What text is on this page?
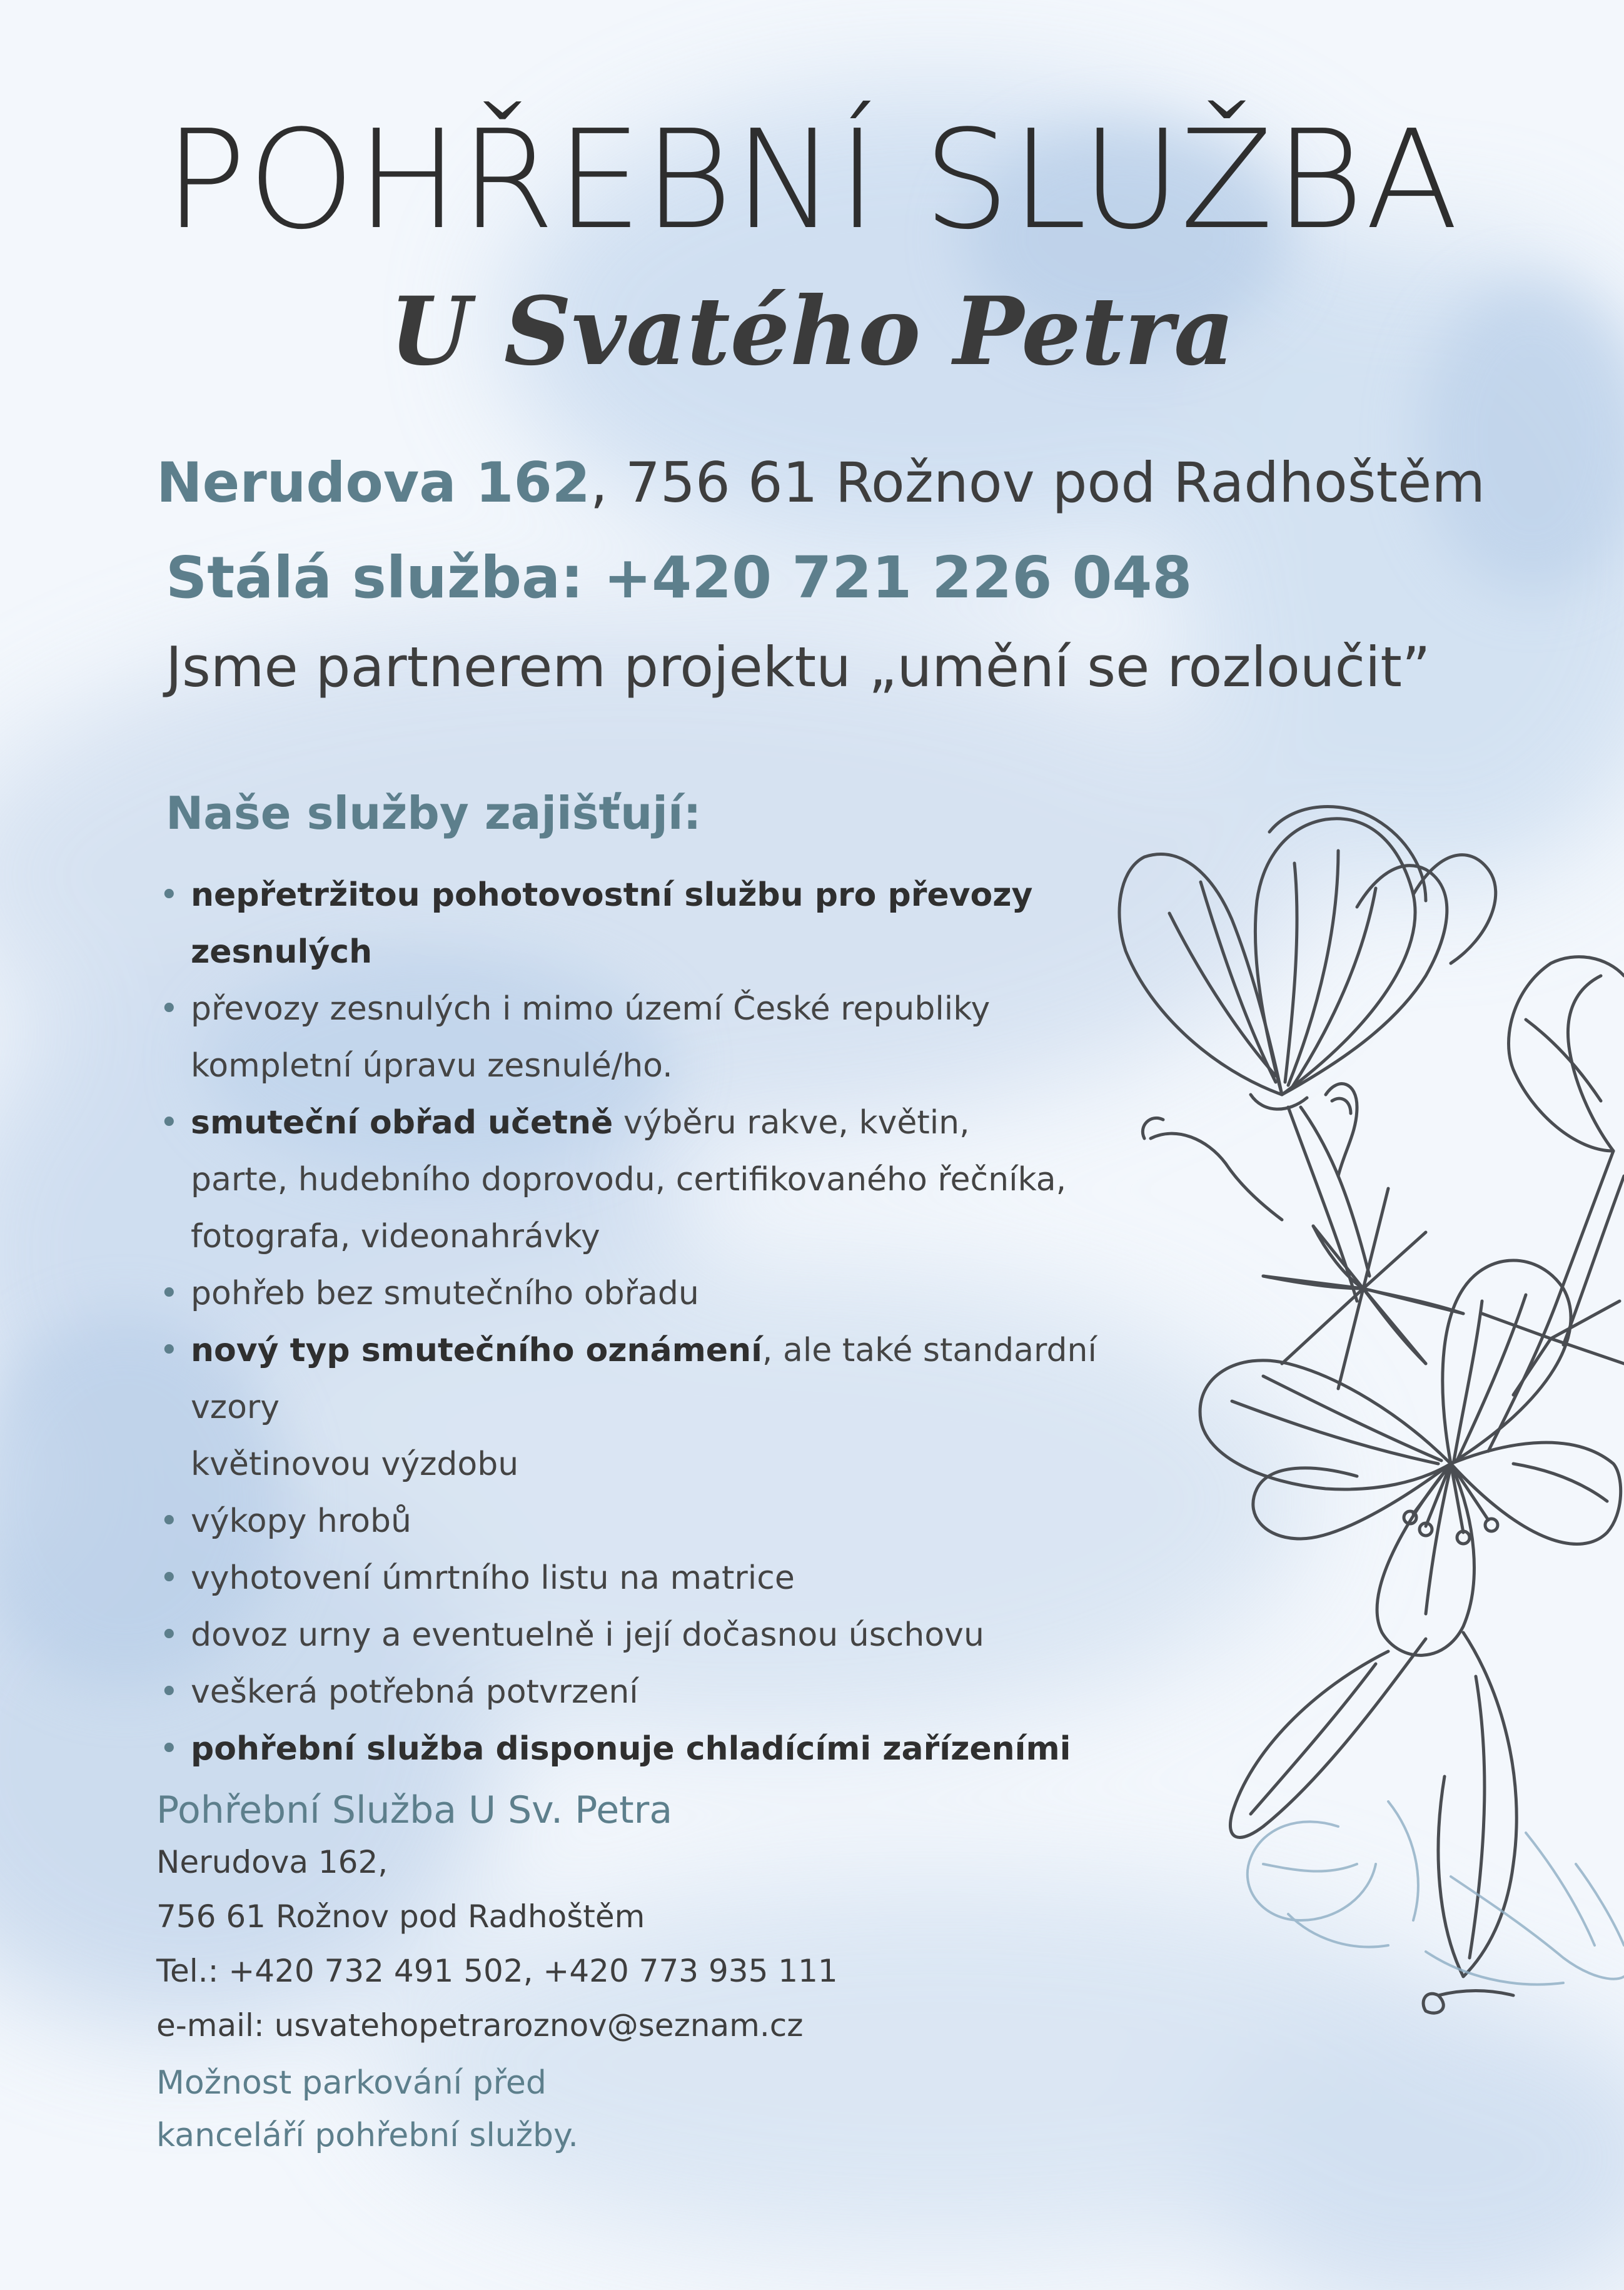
POHŘEBNÍ SLUŽBA
U Svatého Petra
Nerudova 162, 756 61 Rožnov pod Radhoštěm
Stálá služba: +420 721 226 048
Jsme partnerem projektu „umění se rozloučit”
Naše služby zajišťují:
• nepřetržitou pohotovostní službu pro převozy
zesnulých
• převozy zesnulých i mimo území České republiky
kompletní úpravu zesnulé/ho.
• smuteční obřad učetně výběru rakve, květin,
parte, hudebního doprovodu, certifikovaného řečníka,
fotografa, videonahrávky
• pohřeb bez smutečního obřadu
• nový typ smutečního oznámení, ale také standardní vzory
květinovou výzdobu
• výkopy hrobů
• vyhotovení úmrtního listu na matrice
• dovoz urny a eventuelně i její dočasnou úschovu
• veškerá potřebná potvrzení
• pohřební služba disponuje chladícími zařízeními
Pohřební Služba U Sv. Petra
Nerudova 162,
756 61 Rožnov pod Radhoštěm
Tel.: +420 732 491 502, +420 773 935 111
e-mail: usvatehopetraroznov@seznam.cz
Možnost parkování před
kanceláří pohřební služby.
